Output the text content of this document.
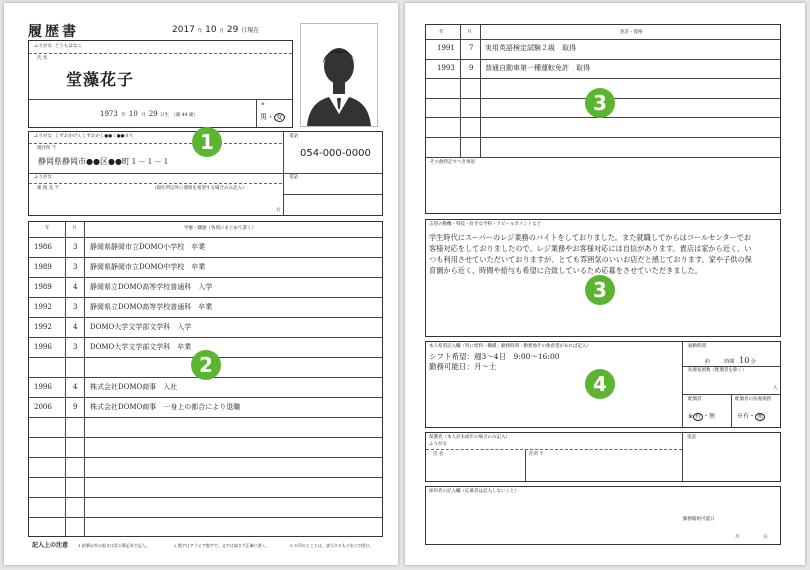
履歴書	2017 年 10 月 29 日現在
ふりがな どうもはなこ
氏 名
堂藻花子
1973  年  10  月  29 日生 （満 44 歳）
※
男・ 女
ふりがな しずおかけんしずおかし●●く●●まち
現住所 〒
静岡県静岡市●●区●●町１－１－１
電話
054-000-0000
ふりがな
連 絡 先 〒	（現住所以外に連絡を希望する場合のみ記入）
電話
方
年	月	学歴・職歴（各別にまとめて書く）
1986	3 静岡県静岡市立DOMO小学校　卒業
1989	3 静岡県静岡市立DOMO中学校　卒業
1989	4 静岡県立DOMO高等学校普通科　入学
1992	3 静岡県立DOMO高等学校普通科　卒業
1992	4 DOMO大学文学部文学科　入学
1996	3 DOMO大学文学部文学科　卒業
1996	4 株式会社DOMO商事　入社
2006	9 株式会社DOMO商事　一身上の都合により退職
記入上の注意 1 鉛筆以外の黒又は青の筆記具で記入。	2 数字はアラビア数字で、文字は崩さず正確に書く。	3 ※印のところは、該当するものを○で囲む。
1
2
年	月	免許・資格
1991 7 実用英語検定試験２級　取得
1993 9 普通自動車第一種運転免許　取得
その他特記すべき事項
志望の動機・特技・好きな学科・アピールポイントなど
学生時代にスーパーのレジ業務のバイトをしておりました。また就職してからはコールセンターでお
客様対応をしておりましたので、レジ業務やお客様対応には自信があります。貴店は家から近く、い
つも利用させていただいておりますが、とても雰囲気のいいお店だと感じております。家や子供の保
育園から近く、時間や給与も希望に合致しているため応募をさせていただきました。
本人希望記入欄（特に給料・職種・勤務時間・勤務地その他希望があれば記入）
シフト希望：週3～4日　9:00～16:00
勤務可能日：月～土
通勤時間
約	時間 10 分
扶養家族数（配偶者を除く）
人
配偶者
※ 有 ・無
配偶者の扶養義務
※有・ 無
保護者（本人が未成年の場合のみ記入）
ふりがな
氏 名	住所 〒
電話
採用者の記入欄（応募者は記入しないこと）
勤務開始可能日
月	日
3
3
4
